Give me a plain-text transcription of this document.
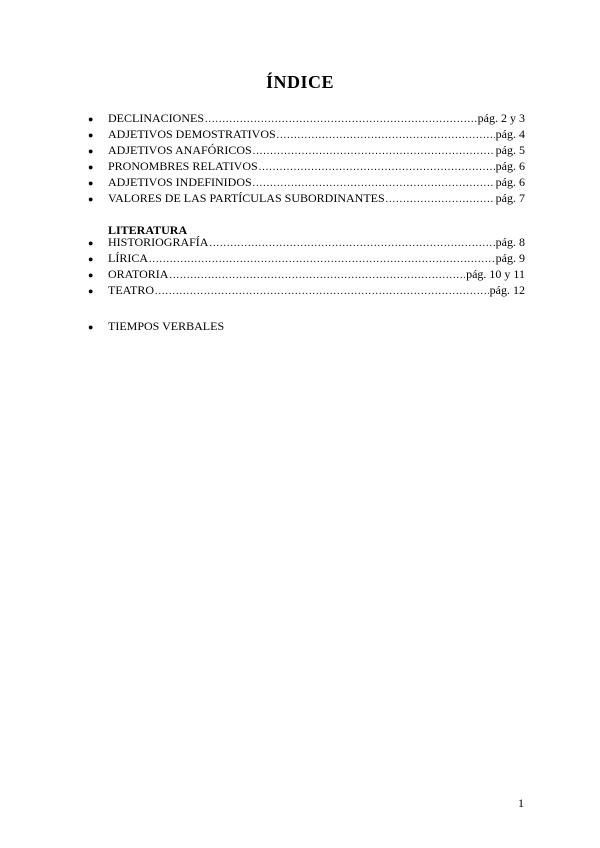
ÍNDICE
●	DECLINACIONES .....	pág. 2 y 3
●	ADJETIVOS DEMOSTRATIVOS .....	pág. 4
●	ADJETIVOS ANAFÓRICOS .....	pág. 5
●	PRONOMBRES RELATIVOS .....	pág. 6
●	ADJETIVOS INDEFINIDOS .....	pág. 6
●	VALORES DE LAS PARTÍCULAS SUBORDINANTES .....	pág. 7
LITERATURA
●	HISTORIOGRAFÍA .....	pág. 8
●	LÍRICA .....	pág. 9
●	ORATORIA .....	pág. 10 y 11
●	TEATRO .....	pág. 12
●	TIEMPOS VERBALES
1
